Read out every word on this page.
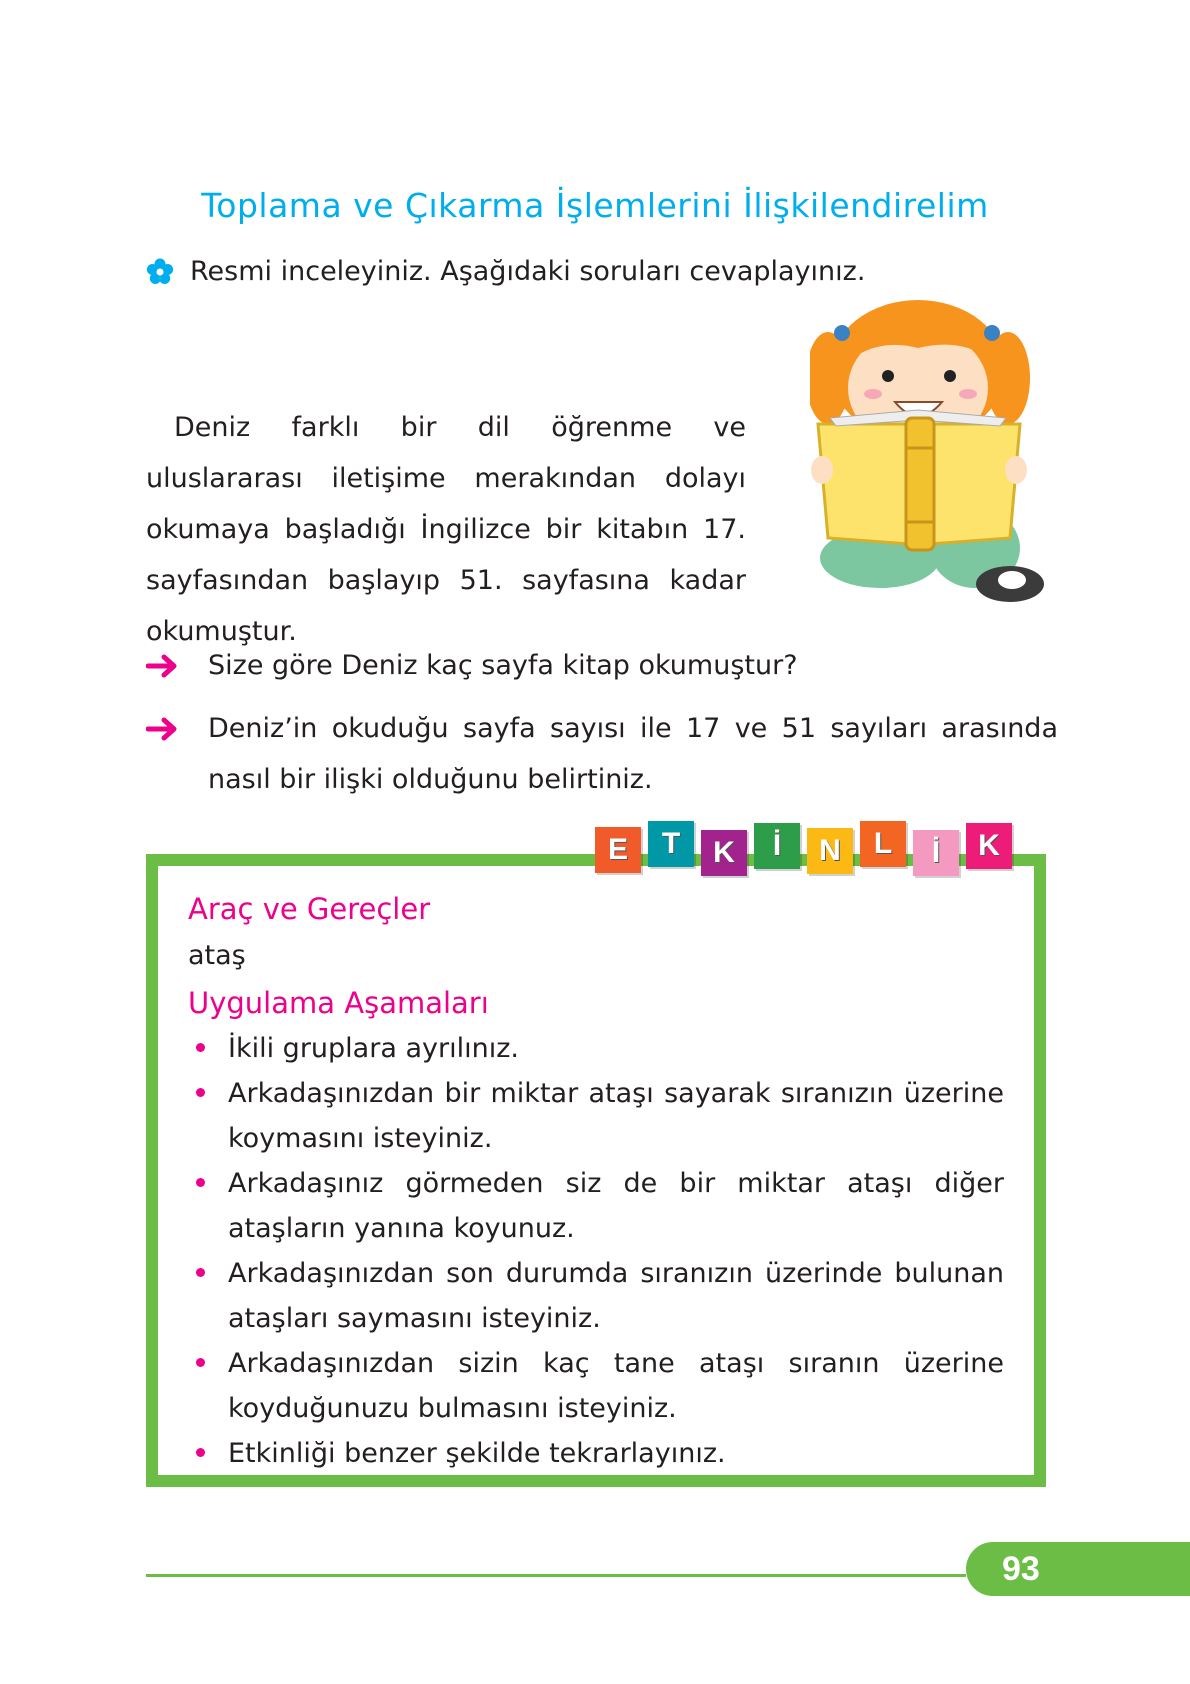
Toplama ve Çıkarma İşlemlerini İlişkilendirelim
Resmi inceleyiniz. Aşağıdaki soruları cevaplayınız.

Deniz farklı bir dil öğrenme ve uluslararası iletişime merakından dolayı okumaya başladığı İngilizce bir kitabın 17. sayfasından başlayıp 51. sayfasına kadar okumuştur.

Size göre Deniz kaç sayfa kitap okumuştur?
Deniz’in okuduğu sayfa sayısı ile 17 ve 51 sayıları arasında nasıl bir ilişki olduğunu belirtiniz.
Araç ve Gereçler
ataş
Uygulama Aşamaları
İkili gruplara ayrılınız.
Arkadaşınızdan bir miktar ataşı sayarak sıranızın üzerine koymasını isteyiniz.
Arkadaşınız görmeden siz de bir miktar ataşı diğer ataşların yanına koyunuz.
Arkadaşınızdan son durumda sıranızın üzerinde bulunan ataşları saymasını isteyiniz.
Arkadaşınızdan sizin kaç tane ataşı sıranın üzerine koyduğunuzu bulmasını isteyiniz.
Etkinliği benzer şekilde tekrarlayınız.
E	T	K	İ	N	L	İ	K
93
